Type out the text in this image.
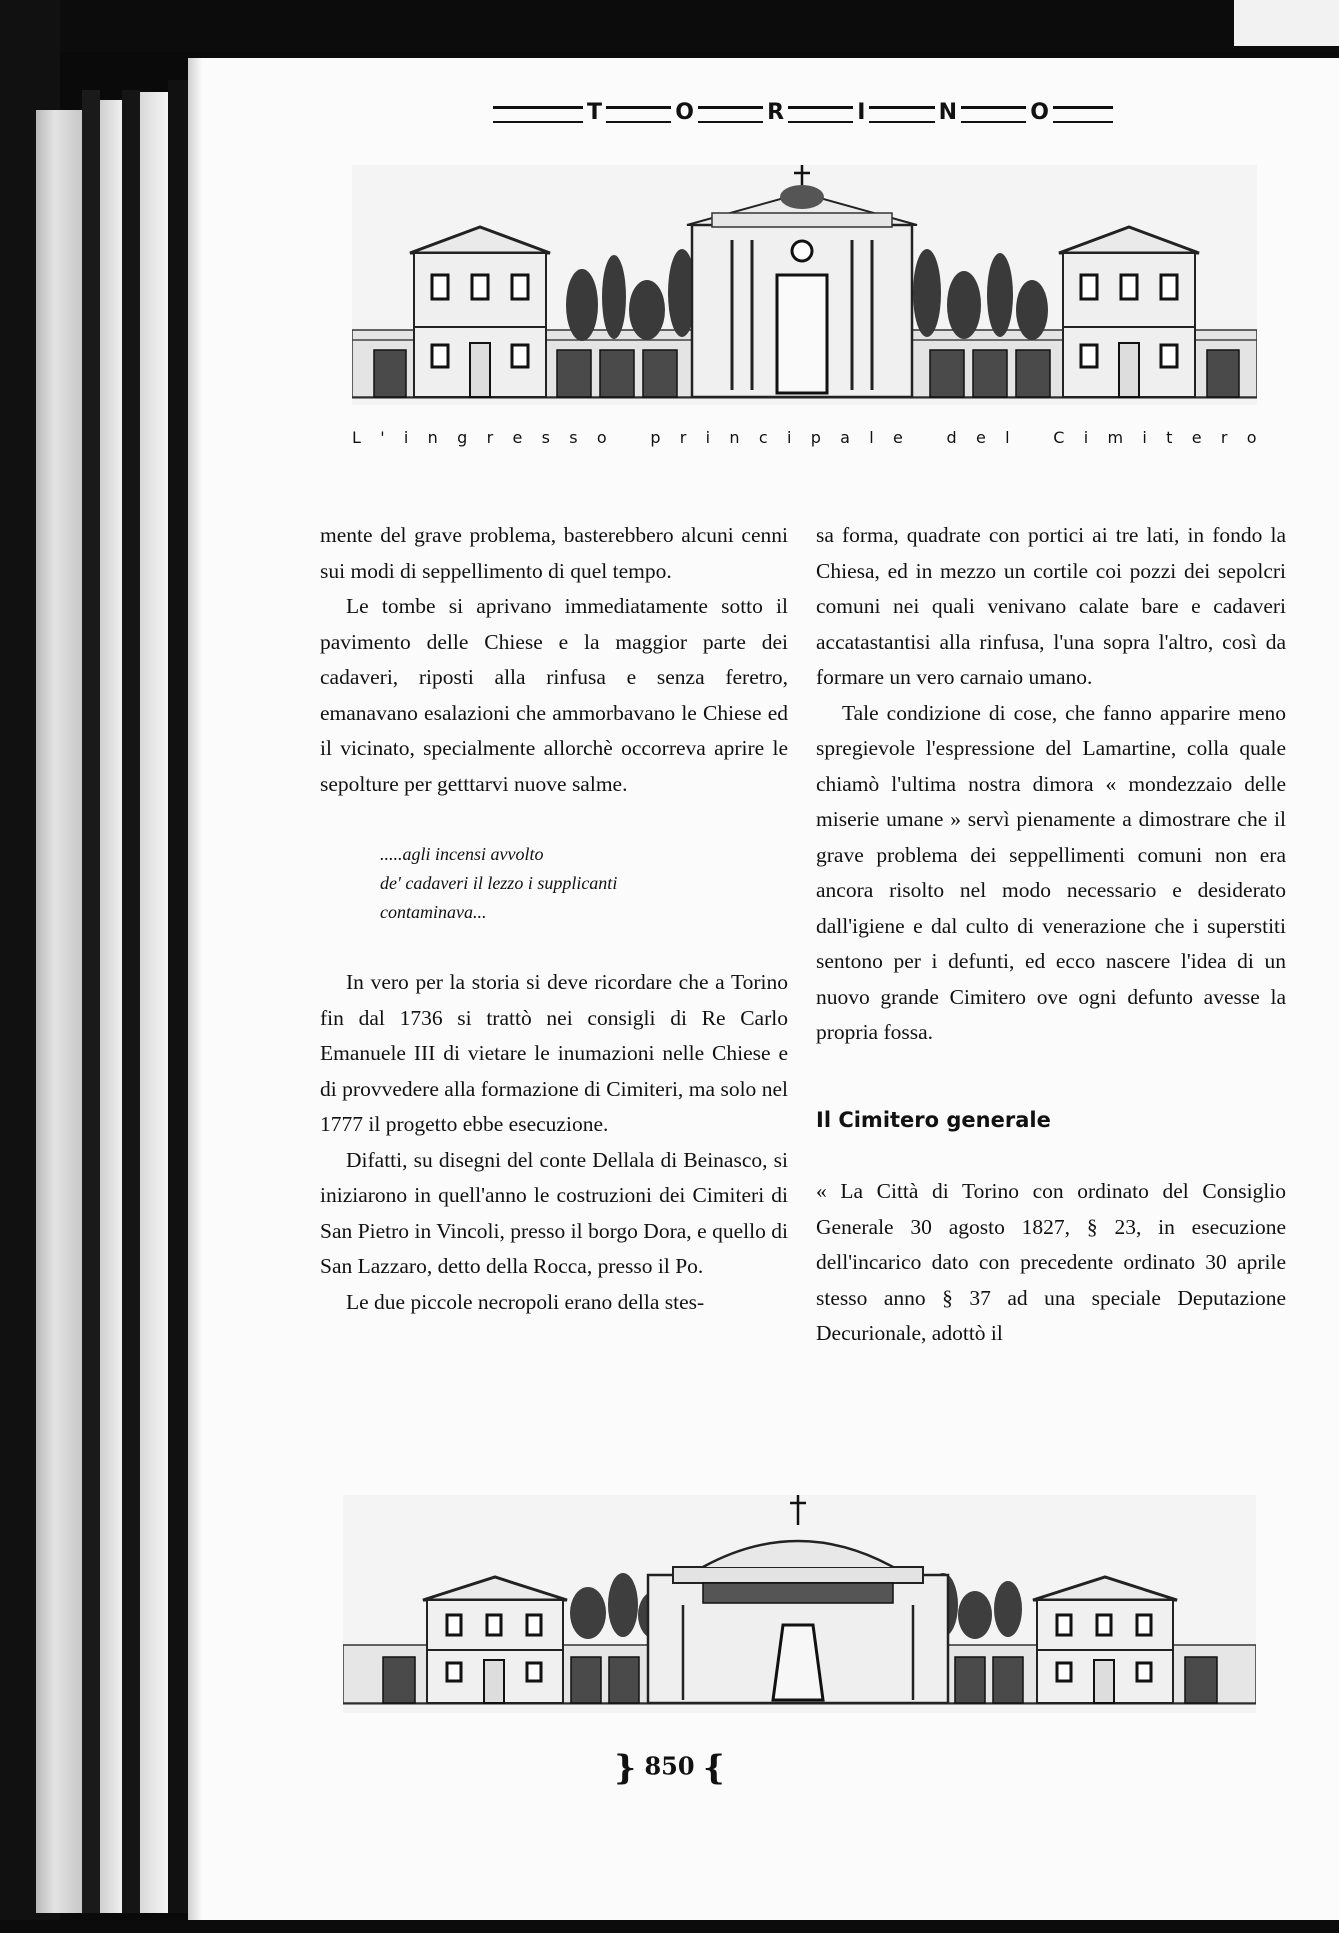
T	O	R	I	N	O
L ' i n g r e s s o
	p r i n c i p a l e
	d e l
	C i m i t e r o

mente del grave problema, basterebbero alcuni cenni sui modi di seppellimento di quel tempo.

Le tombe si aprivano immediatamente sotto il pavimento delle Chiese e la maggior parte dei cadaveri, riposti alla rinfusa e senza feretro, emanavano esalazioni che ammorbavano le Chiese ed il vicinato, specialmente allorchè occorreva aprire le sepolture per getttarvi nuove salme.

.....agli incensi avvolto
de' cadaveri il lezzo i supplicanti
contaminava...

In vero per la storia si deve ricordare che a Torino fin dal 1736 si trattò nei consigli di Re Carlo Emanuele III di vietare le inumazioni nelle Chiese e di provvedere alla formazione di Cimiteri, ma solo nel 1777 il progetto ebbe esecuzione.

Difatti, su disegni del conte Dellala di Beinasco, si iniziarono in quell'anno le costruzioni dei Cimiteri di San Pietro in Vincoli, presso il borgo Dora, e quello di San Lazzaro, detto della Rocca, presso il Po.

Le due piccole necropoli erano della stes-

sa forma, quadrate con portici ai tre lati, in fondo la Chiesa, ed in mezzo un cortile coi pozzi dei sepolcri comuni nei quali venivano calate bare e cadaveri accatastantisi alla rinfusa, l'una sopra l'altro, così da formare un vero carnaio umano.

Tale condizione di cose, che fanno apparire meno spregievole l'espressione del Lamartine, colla quale chiamò l'ultima nostra dimora « mondezzaio delle miserie umane » servì pienamente a dimostrare che il grave problema dei seppellimenti comuni non era ancora risolto nel modo necessario e desiderato dall'igiene e dal culto di venerazione che i superstiti sentono per i defunti, ed ecco nascere l'idea di un nuovo grande Cimitero ove ogni defunto avesse la propria fossa.

Il Cimitero generale

« La Città di Torino con ordinato del Consiglio Generale 30 agosto 1827, § 23, in esecuzione dell'incarico dato con precedente ordinato 30 aprile stesso anno § 37 ad una speciale Deputazione Decurionale, adottò il

} 850 {
